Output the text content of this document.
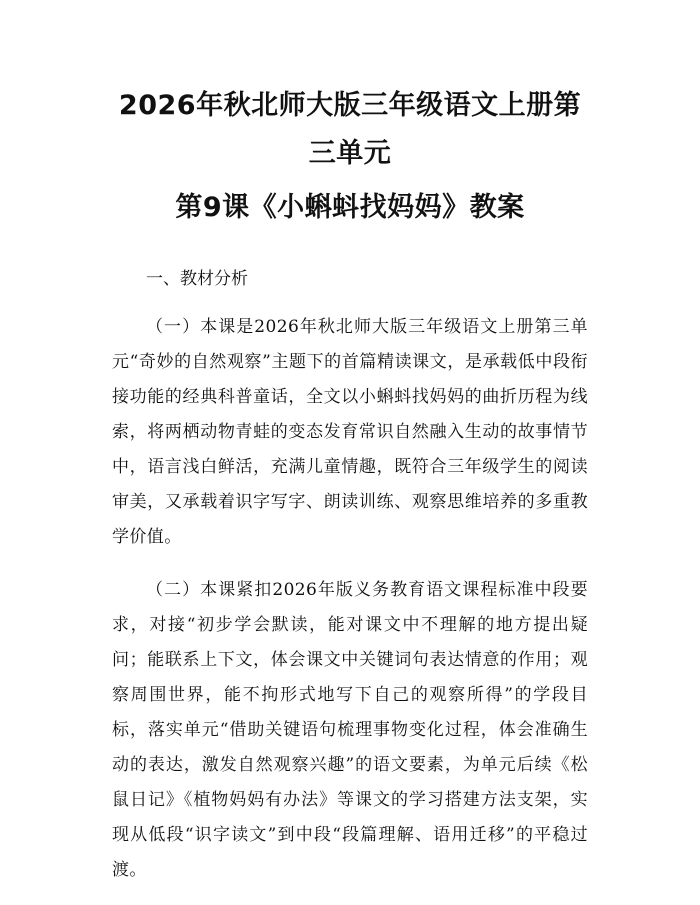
2026年秋北师大版三年级语文上册第三单元
第9课《小蝌蚪找妈妈》教案

一、教材分析

（一）本课是2026年秋北师大版三年级语文上册第三单元“奇妙的自然观察”主题下的首篇精读课文，是承载低中段衔接功能的经典科普童话，全文以小蝌蚪找妈妈的曲折历程为线索，将两栖动物青蛙的变态发育常识自然融入生动的故事情节中，语言浅白鲜活，充满儿童情趣，既符合三年级学生的阅读审美，又承载着识字写字、朗读训练、观察思维培养的多重教学价值。

（二）本课紧扣2026年版义务教育语文课程标准中段要求，对接“初步学会默读，能对课文中不理解的地方提出疑问；能联系上下文，体会课文中关键词句表达情意的作用；观察周围世界，能不拘形式地写下自己的观察所得”的学段目标，落实单元“借助关键语句梳理事物变化过程，体会准确生动的表达，激发自然观察兴趣”的语文要素，为单元后续《松鼠日记》《植物妈妈有办法》等课文的学习搭建方法支架，实现从低段“识字读文”到中段“段篇理解、语用迁移”的平稳过渡。
